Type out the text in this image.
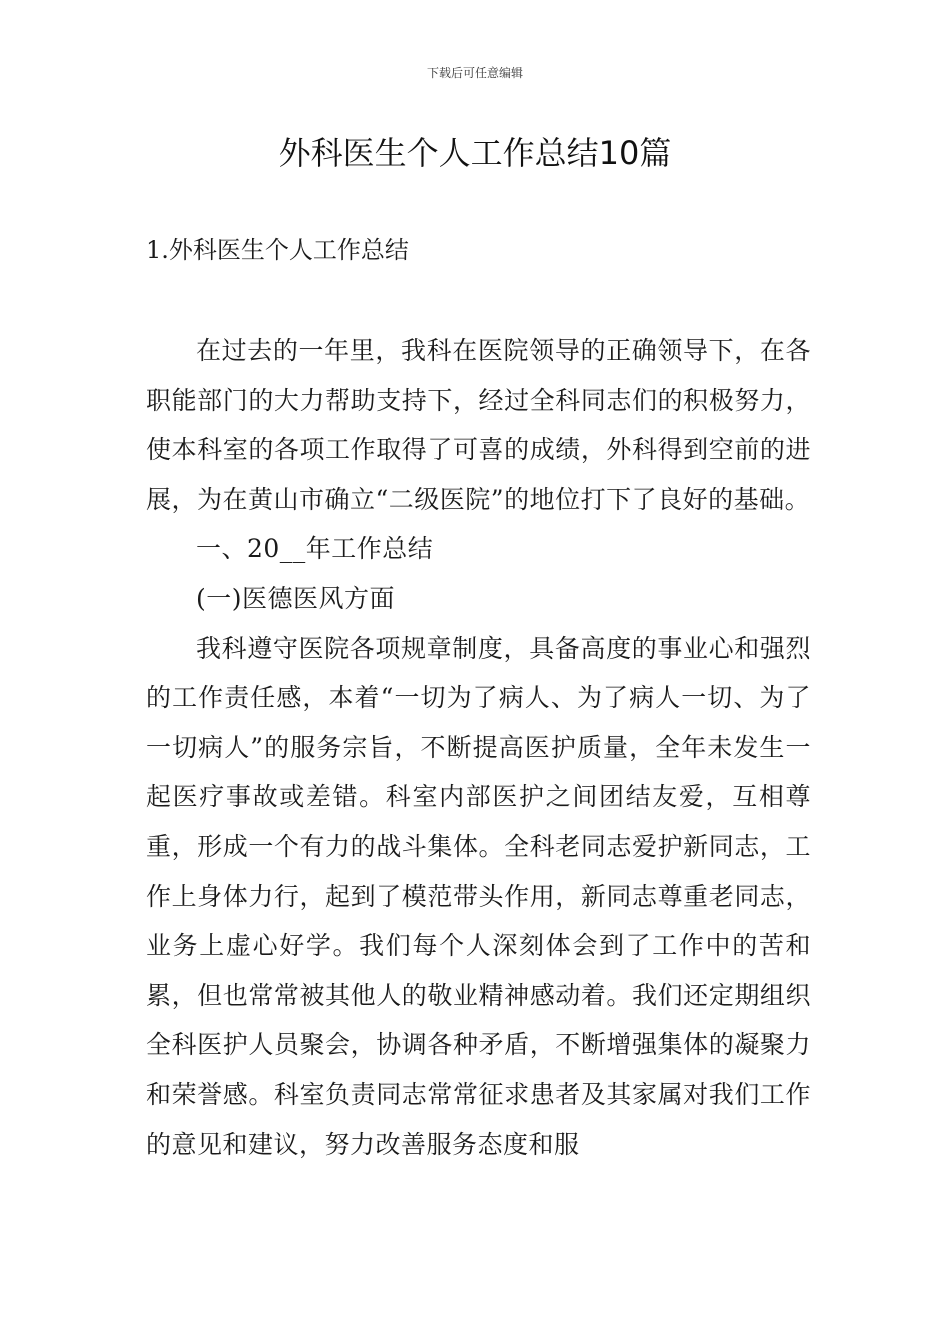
下载后可任意编辑
外科医生个人工作总结10篇
1.外科医生个人工作总结

在过去的一年里，我科在医院领导的正确领导下，在各职能部门的大力帮助支持下，经过全科同志们的积极努力，使本科室的各项工作取得了可喜的成绩，外科得到空前的进展，为在黄山市确立“二级医院”的地位打下了良好的基础。

一、20__年工作总结

(一)医德医风方面

我科遵守医院各项规章制度，具备高度的事业心和强烈的工作责任感，本着“一切为了病人、为了病人一切、为了一切病人”的服务宗旨，不断提高医护质量，全年未发生一起医疗事故或差错。科室内部医护之间团结友爱，互相尊重，形成一个有力的战斗集体。全科老同志爱护新同志，工作上身体力行，起到了模范带头作用，新同志尊重老同志，业务上虚心好学。我们每个人深刻体会到了工作中的苦和累，但也常常被其他人的敬业精神感动着。我们还定期组织全科医护人员聚会，协调各种矛盾，不断增强集体的凝聚力和荣誉感。科室负责同志常常征求患者及其家属对我们工作的意见和建议，努力改善服务态度和服
